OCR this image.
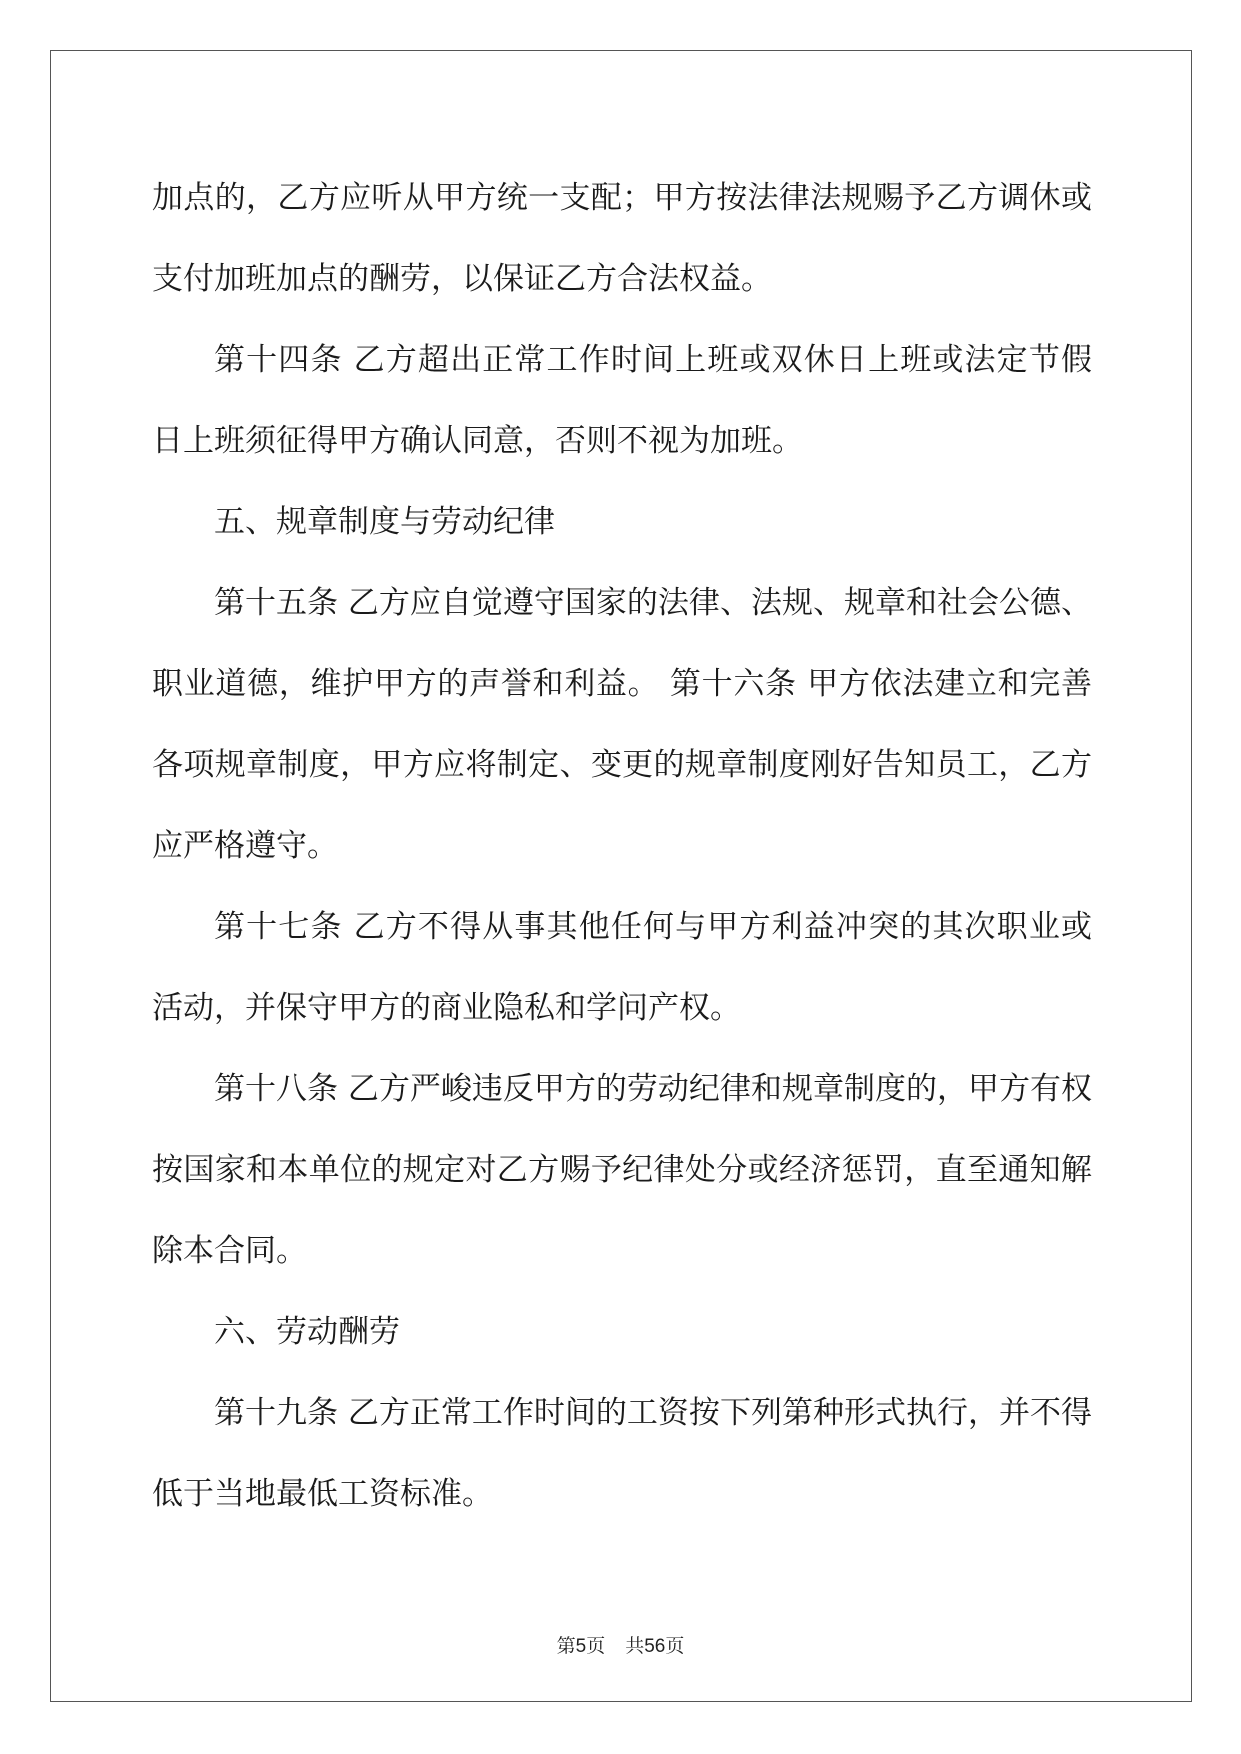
加点的，乙方应听从甲方统一支配；甲方按法律法规赐予乙方调休或
支付加班加点的酬劳，以保证乙方合法权益。
第十四条 乙方超出正常工作时间上班或双休日上班或法定节假
日上班须征得甲方确认同意，否则不视为加班。
五、规章制度与劳动纪律
第十五条 乙方应自觉遵守国家的法律、法规、规章和社会公德、
职业道德，维护甲方的声誉和利益。 第十六条 甲方依法建立和完善
各项规章制度，甲方应将制定、变更的规章制度刚好告知员工，乙方
应严格遵守。
第十七条 乙方不得从事其他任何与甲方利益冲突的其次职业或
活动，并保守甲方的商业隐私和学问产权。
第十八条 乙方严峻违反甲方的劳动纪律和规章制度的，甲方有权
按国家和本单位的规定对乙方赐予纪律处分或经济惩罚，直至通知解
除本合同。
六、劳动酬劳
第十九条 乙方正常工作时间的工资按下列第种形式执行，并不得
低于当地最低工资标准。
第5页 共56页
